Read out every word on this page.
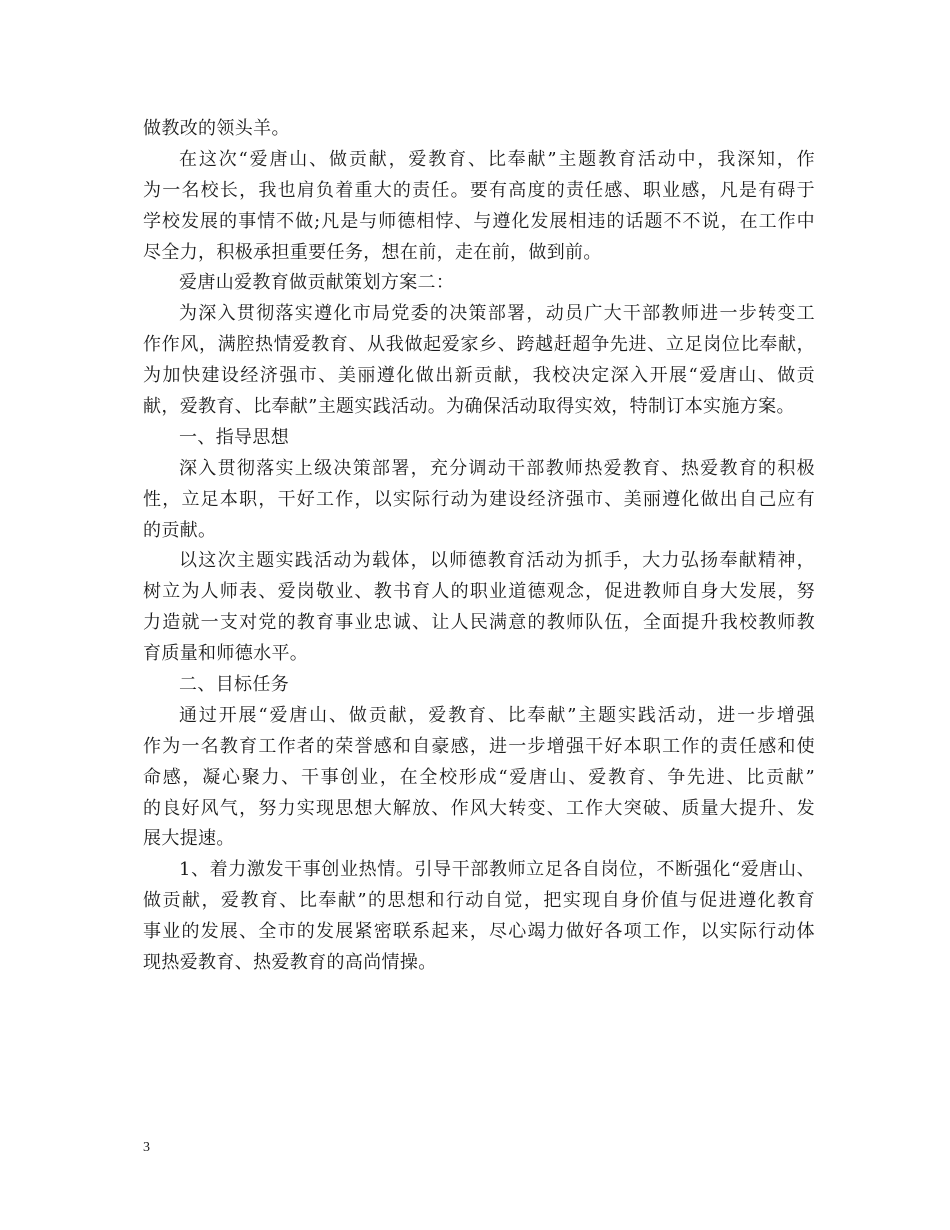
做教改的领头羊。
在这次“爱唐山、做贡献，爱教育、比奉献”主题教育活动中，我深知，作
为一名校长，我也肩负着重大的责任。要有高度的责任感、职业感，凡是有碍于
学校发展的事情不做;凡是与师德相悖、与遵化发展相违的话题不不说，在工作中
尽全力，积极承担重要任务，想在前，走在前，做到前。
爱唐山爱教育做贡献策划方案二：
为深入贯彻落实遵化市局党委的决策部署，动员广大干部教师进一步转变工
作作风，满腔热情爱教育、从我做起爱家乡、跨越赶超争先进、立足岗位比奉献，
为加快建设经济强市、美丽遵化做出新贡献，我校决定深入开展“爱唐山、做贡
献，爱教育、比奉献”主题实践活动。为确保活动取得实效，特制订本实施方案。
一、指导思想
深入贯彻落实上级决策部署，充分调动干部教师热爱教育、热爱教育的积极
性，立足本职，干好工作，以实际行动为建设经济强市、美丽遵化做出自己应有
的贡献。
以这次主题实践活动为载体，以师德教育活动为抓手，大力弘扬奉献精神，
树立为人师表、爱岗敬业、教书育人的职业道德观念，促进教师自身大发展，努
力造就一支对党的教育事业忠诚、让人民满意的教师队伍，全面提升我校教师教
育质量和师德水平。
二、目标任务
通过开展“爱唐山、做贡献，爱教育、比奉献”主题实践活动，进一步增强
作为一名教育工作者的荣誉感和自豪感，进一步增强干好本职工作的责任感和使
命感，凝心聚力、干事创业，在全校形成“爱唐山、爱教育、争先进、比贡献”
的良好风气，努力实现思想大解放、作风大转变、工作大突破、质量大提升、发
展大提速。
1、着力激发干事创业热情。引导干部教师立足各自岗位，不断强化“爱唐山、
做贡献，爱教育、比奉献”的思想和行动自觉，把实现自身价值与促进遵化教育
事业的发展、全市的发展紧密联系起来，尽心竭力做好各项工作，以实际行动体
现热爱教育、热爱教育的高尚情操。
3
